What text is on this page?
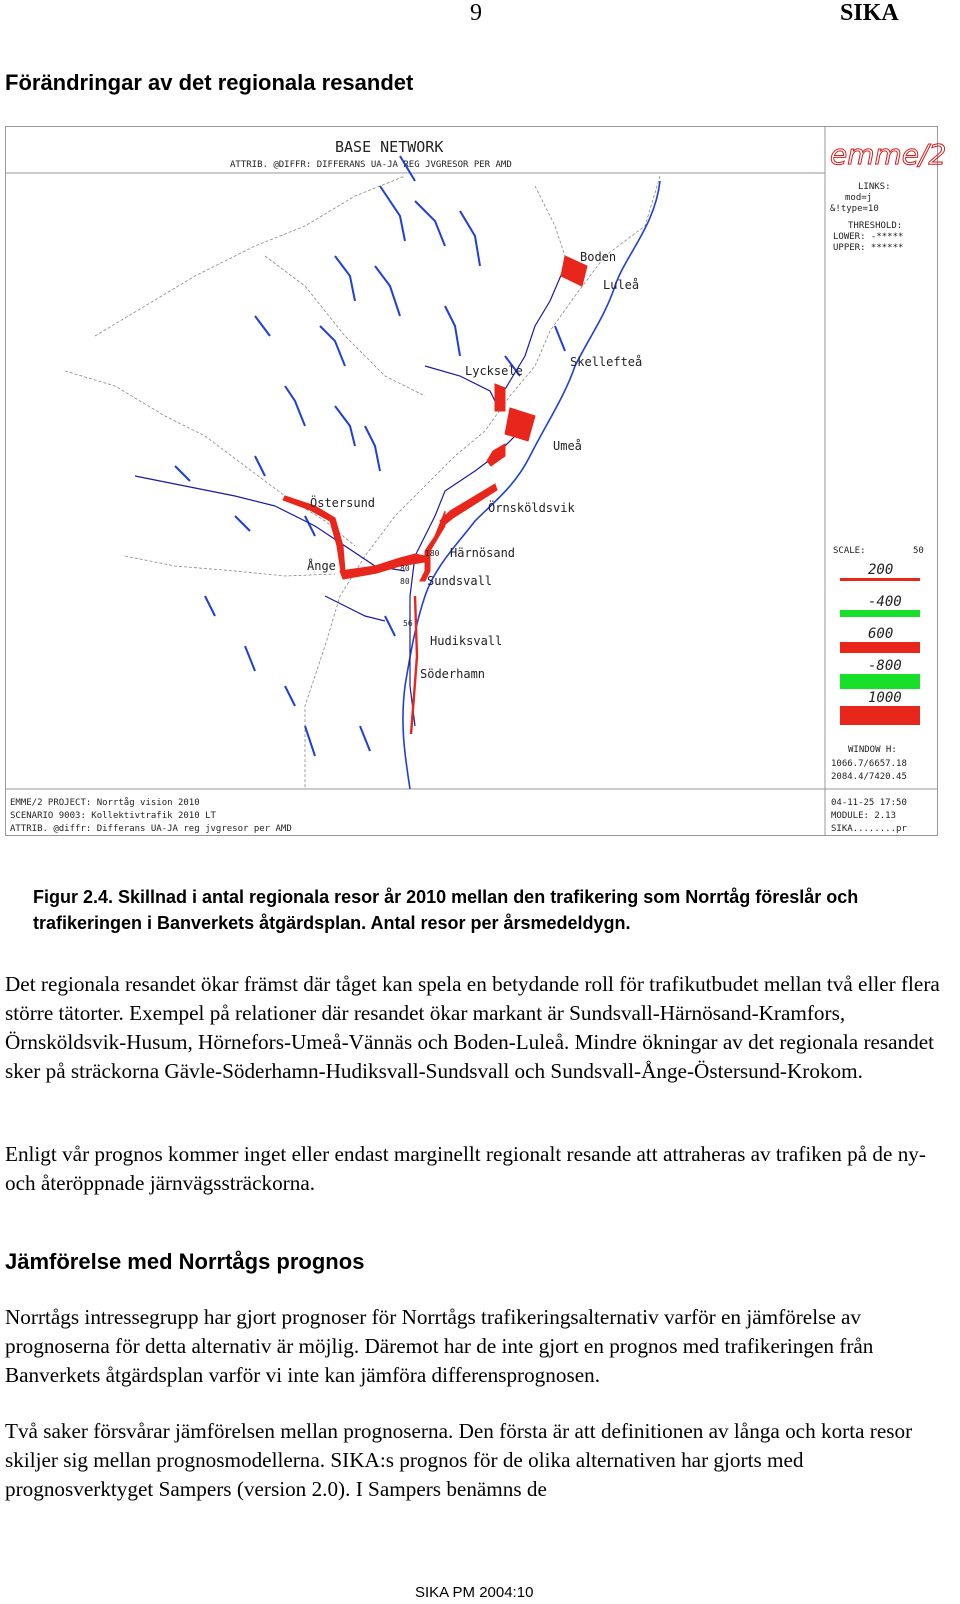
9	SIKA
Förändringar av det regionala resandet
BASE NETWORK
ATTRIB. @DIFFR: DIFFERANS UA-JA REG JVGRESOR PER AMD	emme/2
LINKS:
mod=j
&!type=10
THRESHOLD:
LOWER: -*****
UPPER: ******
SCALE:	50
200
-400
600
-800
1000
WINDOW H:
1066.7/6657.18
2084.4/7420.45
EMME/2 PROJECT: Norrtåg vision 2010
SCENARIO 9003: Kollektivtrafik 2010 LT
ATTRIB. @diffr: Differans UA-JA reg jvgresor per AMD
04-11-25 17:50
MODULE: 2.13
SIKA........pr
180
80
80
56
Boden
Luleå
Skellefteå
Lycksele
Umeå
Östersund	Örnsköldsvik
Härnösand
Ånge
Sundsvall
Hudiksvall
Söderhamn
Figur 2.4. Skillnad i antal regionala resor år 2010 mellan den trafikering som Norrtåg föreslår och trafikeringen i Banverkets åtgärdsplan. Antal resor per årsmedeldygn.
Det regionala resandet ökar främst där tåget kan spela en betydande roll för trafikutbudet mellan två eller flera större tätorter. Exempel på relationer där resandet ökar markant är Sundsvall-Härnösand-Kramfors, Örnsköldsvik-Husum, Hörnefors-Umeå-Vännäs och Boden-Luleå. Mindre ökningar av det regionala resandet sker på sträckorna Gävle-Söderhamn-Hudiksvall-Sundsvall och Sundsvall-Ånge-Östersund-Krokom.
Enligt vår prognos kommer inget eller endast marginellt regionalt resande att attraheras av trafiken på de ny- och återöppnade järnvägssträckorna.
Jämförelse med Norrtågs prognos
Norrtågs intressegrupp har gjort prognoser för Norrtågs trafikeringsalternativ varför en jämförelse av prognoserna för detta alternativ är möjlig. Däremot har de inte gjort en prognos med trafikeringen från Banverkets åtgärdsplan varför vi inte kan jämföra differensprognosen.
Två saker försvårar jämförelsen mellan prognoserna. Den första är att definitionen av långa och korta resor skiljer sig mellan prognosmodellerna. SIKA:s prognos för de olika alternativen har gjorts med prognosverktyget Sampers (version 2.0). I Sampers benämns de
SIKA PM 2004:10
